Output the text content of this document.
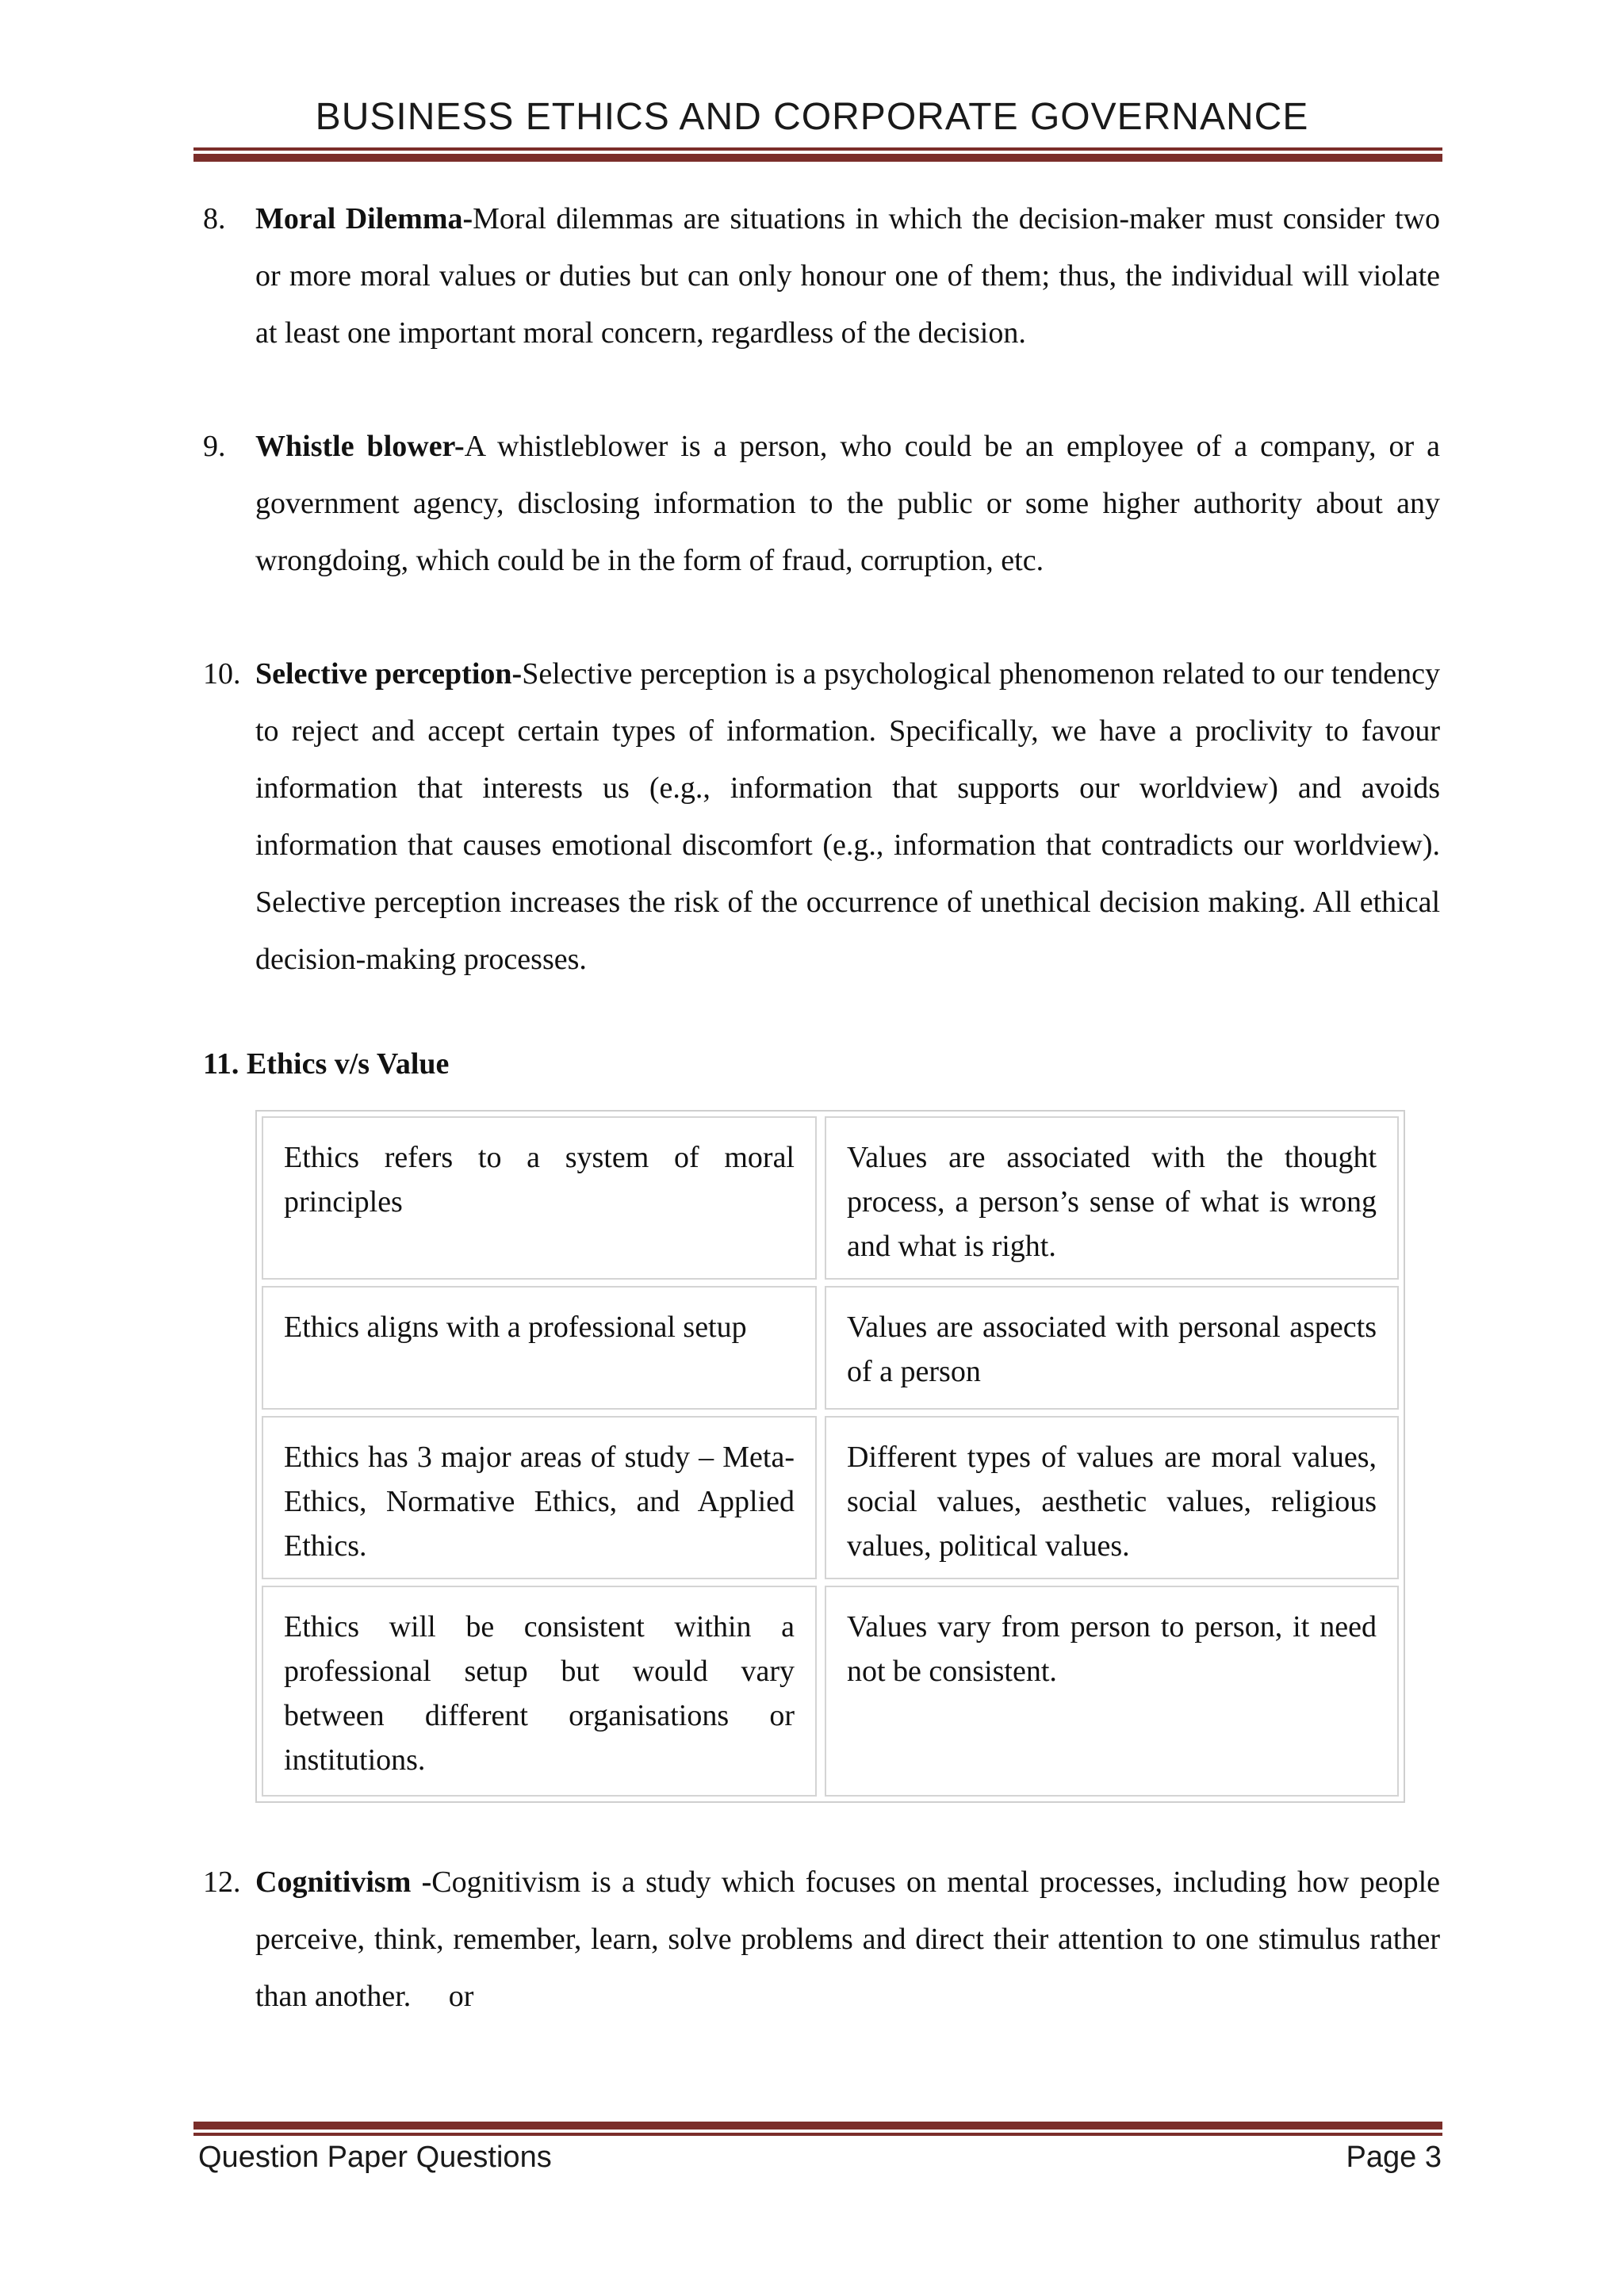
BUSINESS ETHICS AND CORPORATE GOVERNANCE
8. Moral Dilemma-Moral dilemmas are situations in which the decision-maker must consider two or more moral values or duties but can only honour one of them; thus, the individual will violate at least one important moral concern, regardless of the decision.
9. Whistle blower-A whistleblower is a person, who could be an employee of a company, or a government agency, disclosing information to the public or some higher authority about any wrongdoing, which could be in the form of fraud, corruption, etc.
10. Selective perception-Selective perception is a psychological phenomenon related to our tendency to reject and accept certain types of information. Specifically, we have a proclivity to favour information that interests us (e.g., information that supports our worldview) and avoids information that causes emotional discomfort (e.g., information that contradicts our worldview). Selective perception increases the risk of the occurrence of unethical decision making. All ethical decision-making processes.
11. Ethics v/s Value
Ethics refers to a system of moral principles
Values are associated with the thought process, a person’s sense of what is wrong and what is right.
Ethics aligns with a professional setup	Values are associated with personal aspects of a person
Ethics has 3 major areas of study – Meta-Ethics, Normative Ethics, and Applied Ethics.
Different types of values are moral values, social values, aesthetic values, religious values, political values.
Ethics will be consistent within a professional setup but would vary between different organisations or institutions.
Values vary from person to person, it need not be consistent.
12. Cognitivism -Cognitivism is a study which focuses on mental processes, including how people perceive, think, remember, learn, solve problems and direct their attention to one stimulus rather than another.     or
Question Paper Questions	Page 3
